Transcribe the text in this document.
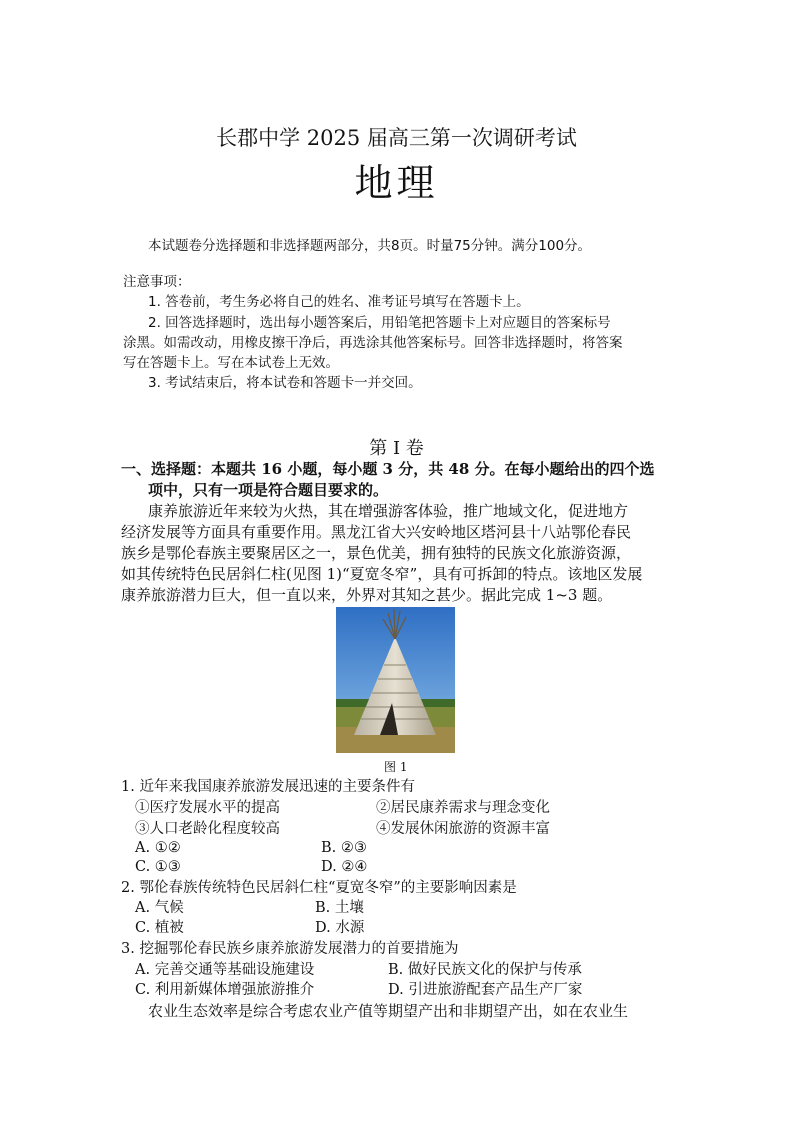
长郡中学 2025 届高三第一次调研考试
地理
本试题卷分选择题和非选择题两部分，共8页。时量75分钟。满分100分。
注意事项：
1. 答卷前，考生务必将自己的姓名、准考证号填写在答题卡上。
2. 回答选择题时，选出每小题答案后，用铅笔把答题卡上对应题目的答案标号
涂黑。如需改动，用橡皮擦干净后，再选涂其他答案标号。回答非选择题时，将答案
写在答题卡上。写在本试卷上无效。
3. 考试结束后，将本试卷和答题卡一并交回。
第 Ⅰ 卷
一、选择题：本题共 16 小题，每小题 3 分，共 48 分。在每小题给出的四个选
项中，只有一项是符合题目要求的。
康养旅游近年来较为火热，其在增强游客体验，推广地域文化，促进地方
经济发展等方面具有重要作用。黑龙江省大兴安岭地区塔河县十八站鄂伦春民
族乡是鄂伦春族主要聚居区之一，景色优美，拥有独特的民族文化旅游资源，
如其传统特色民居斜仁柱(见图 1)“夏宽冬窄”，具有可拆卸的特点。该地区发展
康养旅游潜力巨大，但一直以来，外界对其知之甚少。据此完成 1~3 题。
图 1
1. 近年来我国康养旅游发展迅速的主要条件有
①医疗发展水平的提高	②居民康养需求与理念变化
③人口老龄化程度较高	④发展休闲旅游的资源丰富
A. ①②	B. ②③
C. ①③	D. ②④
2. 鄂伦春族传统特色民居斜仁柱“夏宽冬窄”的主要影响因素是
A. 气候	B. 土壤
C. 植被	D. 水源
3. 挖掘鄂伦春民族乡康养旅游发展潜力的首要措施为
A. 完善交通等基础设施建设	B. 做好民族文化的保护与传承
C. 利用新媒体增强旅游推介	D. 引进旅游配套产品生产厂家
农业生态效率是综合考虑农业产值等期望产出和非期望产出，如在农业生
